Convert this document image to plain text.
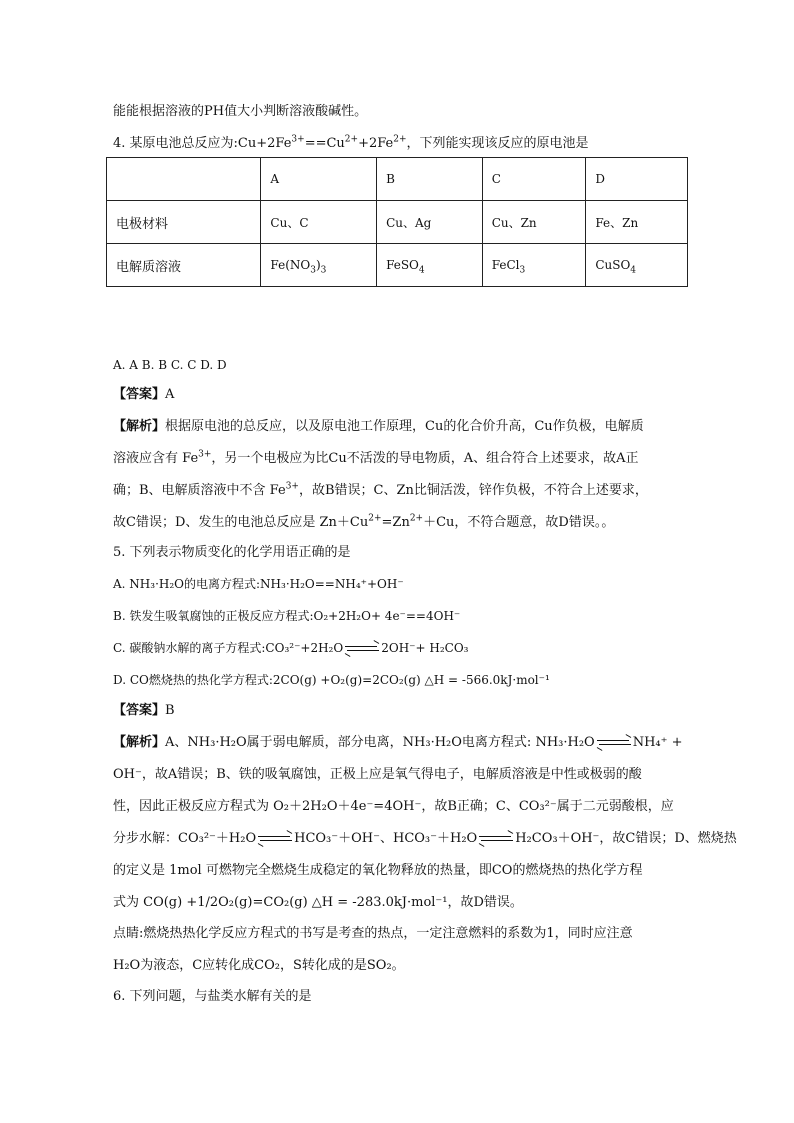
能能根据溶液的PH值大小判断溶液酸碱性。
4. 某原电池总反应为$:Cu+2Fe^{3+}==Cu^{2+}+2Fe^{2+}$，下列能实现该反应的原电池是
	A	B	C	D
电极材料	Cu、C	Cu、Ag	Cu、Zn	Fe、Zn
电解质溶液	$Fe(NO_3)_3$	FeSO$_4$	FeCl$_3$	CuSO$_4$
A. A B. B C. C D. D
【答案】A
【解析】根据原电池的总反应，以及原电池工作原理，Cu的化合价升高，Cu作负极，电解质
溶液应含有 $Fe^{3+}$，另一个电极应为比Cu不活泼的导电物质，A、组合符合上述要求，故A正
确；B、电解质溶液中不含 $Fe^{3+}$，故B错误；C、Zn比铜活泼，锌作负极，不符合上述要求，
故C错误；D、发生的电池总反应是 $Zn+Cu^{2+}=Zn^{2+}+Cu$，不符合题意，故D错误。。
5. 下列表示物质变化的化学用语正确的是
A. NH₃·H₂O的电离方程式:NH₃·H₂O==NH₄⁺+OH⁻
B. 铁发生吸氧腐蚀的正极反应方程式:O₂+2H₂O+ 4e⁻==4OH⁻
C. 碳酸钠水解的离子方程式:CO₃²⁻+2H₂O	2OH⁻+ H₂CO₃
D. CO燃烧热的热化学方程式:2CO(g) +O₂(g)=2CO₂(g) △H = -566.0kJ·mol⁻¹
【答案】B
【解析】A、NH₃·H₂O属于弱电解质，部分电离，NH₃·H₂O电离方程式: NH₃·H₂O	NH₄⁺ +
OH⁻，故A错误；B、铁的吸氧腐蚀，正极上应是氧气得电子，电解质溶液是中性或极弱的酸
性，因此正极反应方程式为 O₂＋2H₂O＋4e⁻=4OH⁻，故B正确；C、CO₃²⁻属于二元弱酸根，应
分步水解：CO₃²⁻＋H₂O	HCO₃⁻＋OH⁻、HCO₃⁻＋H₂O	H₂CO₃＋OH⁻，故C错误；D、燃烧热
的定义是 1mol 可燃物完全燃烧生成稳定的氧化物释放的热量，即CO的燃烧热的热化学方程
式为 CO(g) +1/2O₂(g)=CO₂(g) △H = -283.0kJ·mol⁻¹，故D错误。
点睛:燃烧热热化学反应方程式的书写是考查的热点，一定注意燃料的系数为1，同时应注意
H₂O为液态，C应转化成CO₂，S转化成的是SO₂。
6. 下列问题，与盐类水解有关的是
